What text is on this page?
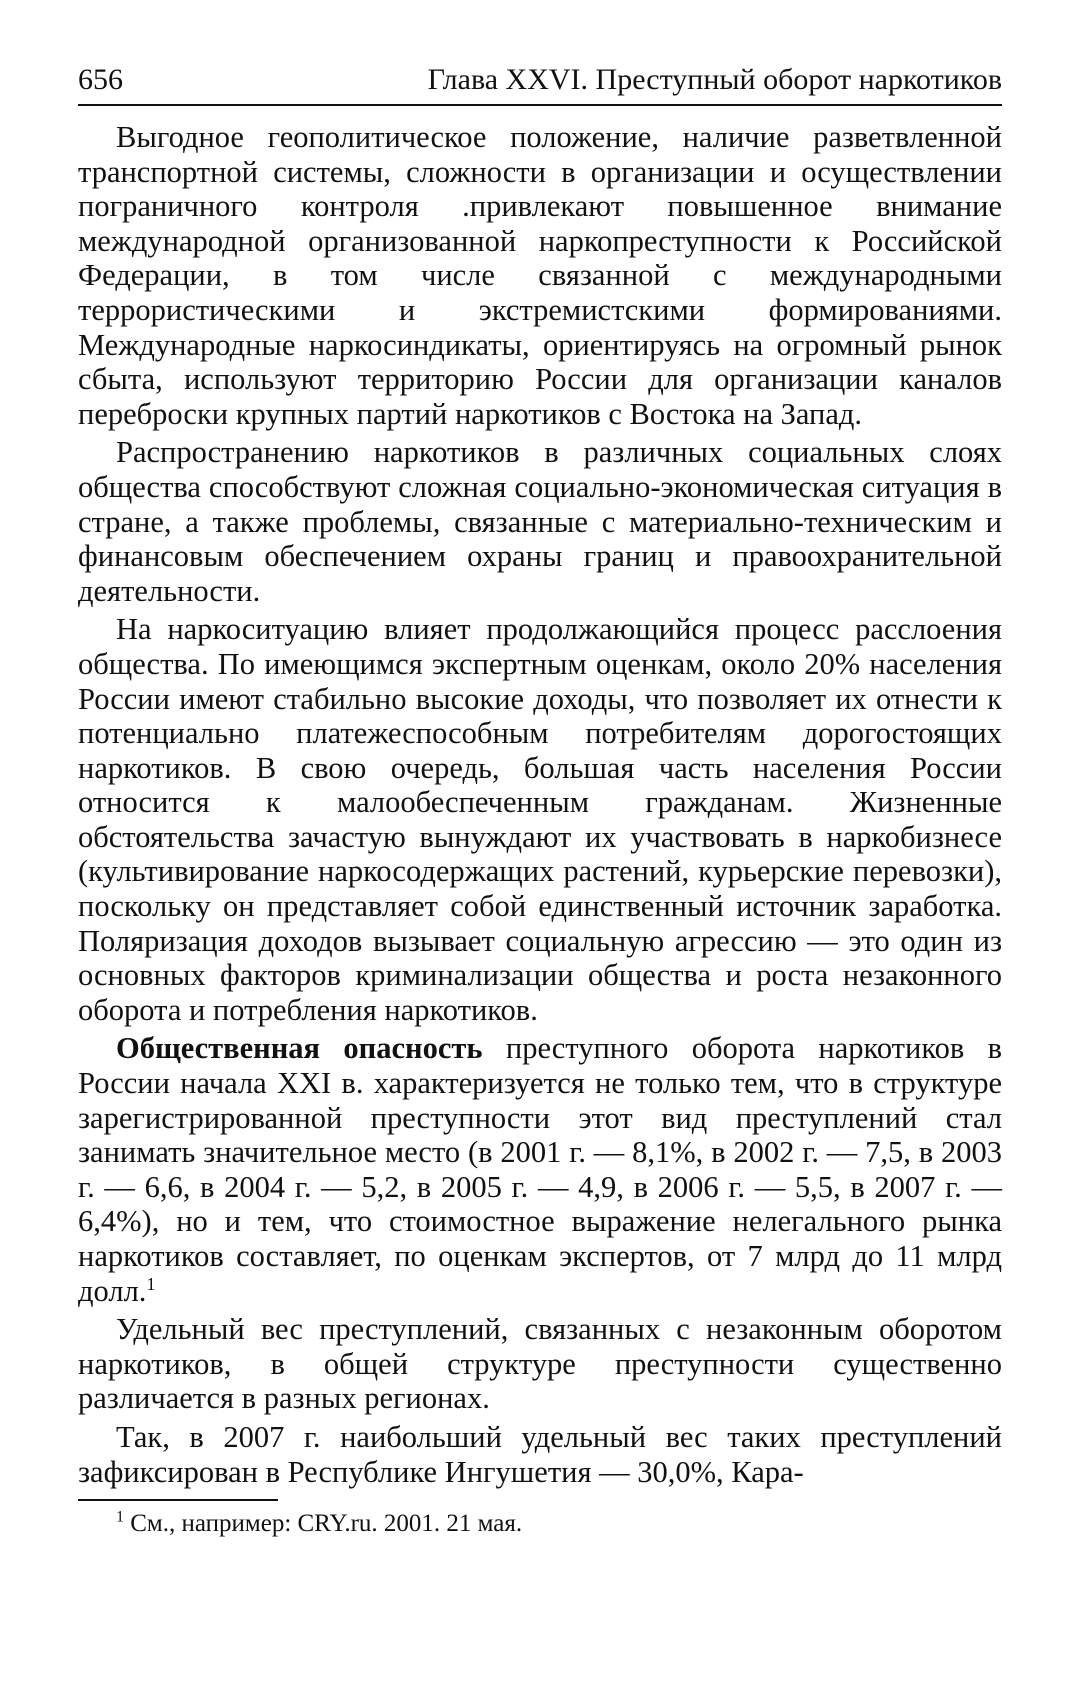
656	Глава XXVI. Преступный оборот наркотиков

Выгодное геополитическое положение, наличие разветвленной транспортной системы, сложности в организации и осуществлении пограничного контроля .привлекают повышенное внимание международной организованной наркопреступности к Российской Федерации, в том числе связанной с международными террористическими и экстремистскими формированиями. Международные наркосиндикаты, ориентируясь на огромный рынок сбыта, используют территорию России для организации каналов переброски крупных партий наркотиков с Востока на Запад.

Распространению наркотиков в различных социальных слоях общества способствуют сложная социально-экономическая ситуация в стране, а также проблемы, связанные с материально-техническим и финансовым обеспечением охраны границ и правоохранительной деятельности.

На наркоситуацию влияет продолжающийся процесс расслоения общества. По имеющимся экспертным оценкам, около 20% населения России имеют стабильно высокие доходы, что позволяет их отнести к потенциально платежеспособным потребителям дорогостоящих наркотиков. В свою очередь, большая часть населения России относится к малообеспеченным гражданам. Жизненные обстоятельства зачастую вынуждают их участвовать в наркобизнесе (культивирование наркосодержащих растений, курьерские перевозки), поскольку он представляет собой единственный источник заработка. Поляризация доходов вызывает социальную агрессию — это один из основных факторов криминализации общества и роста незаконного оборота и потребления наркотиков.

Общественная опасность преступного оборота наркотиков в России начала XXI в. характеризуется не только тем, что в структуре зарегистрированной преступности этот вид преступлений стал занимать значительное место (в 2001 г. — 8,1%, в 2002 г. — 7,5, в 2003 г. — 6,6, в 2004 г. — 5,2, в 2005 г. — 4,9, в 2006 г. — 5,5, в 2007 г. — 6,4%), но и тем, что стоимостное выражение нелегального рынка наркотиков составляет, по оценкам экспертов, от 7 млрд до 11 млрд долл.$^1$

Удельный вес преступлений, связанных с незаконным оборотом наркотиков, в общей структуре преступности существенно различается в разных регионах.

Так, в 2007 г. наибольший удельный вес таких преступлений зафиксирован в Республике Ингушетия — 30,0%, Кара-

$^1$ См., например: CRY.ru. 2001. 21 мая.
